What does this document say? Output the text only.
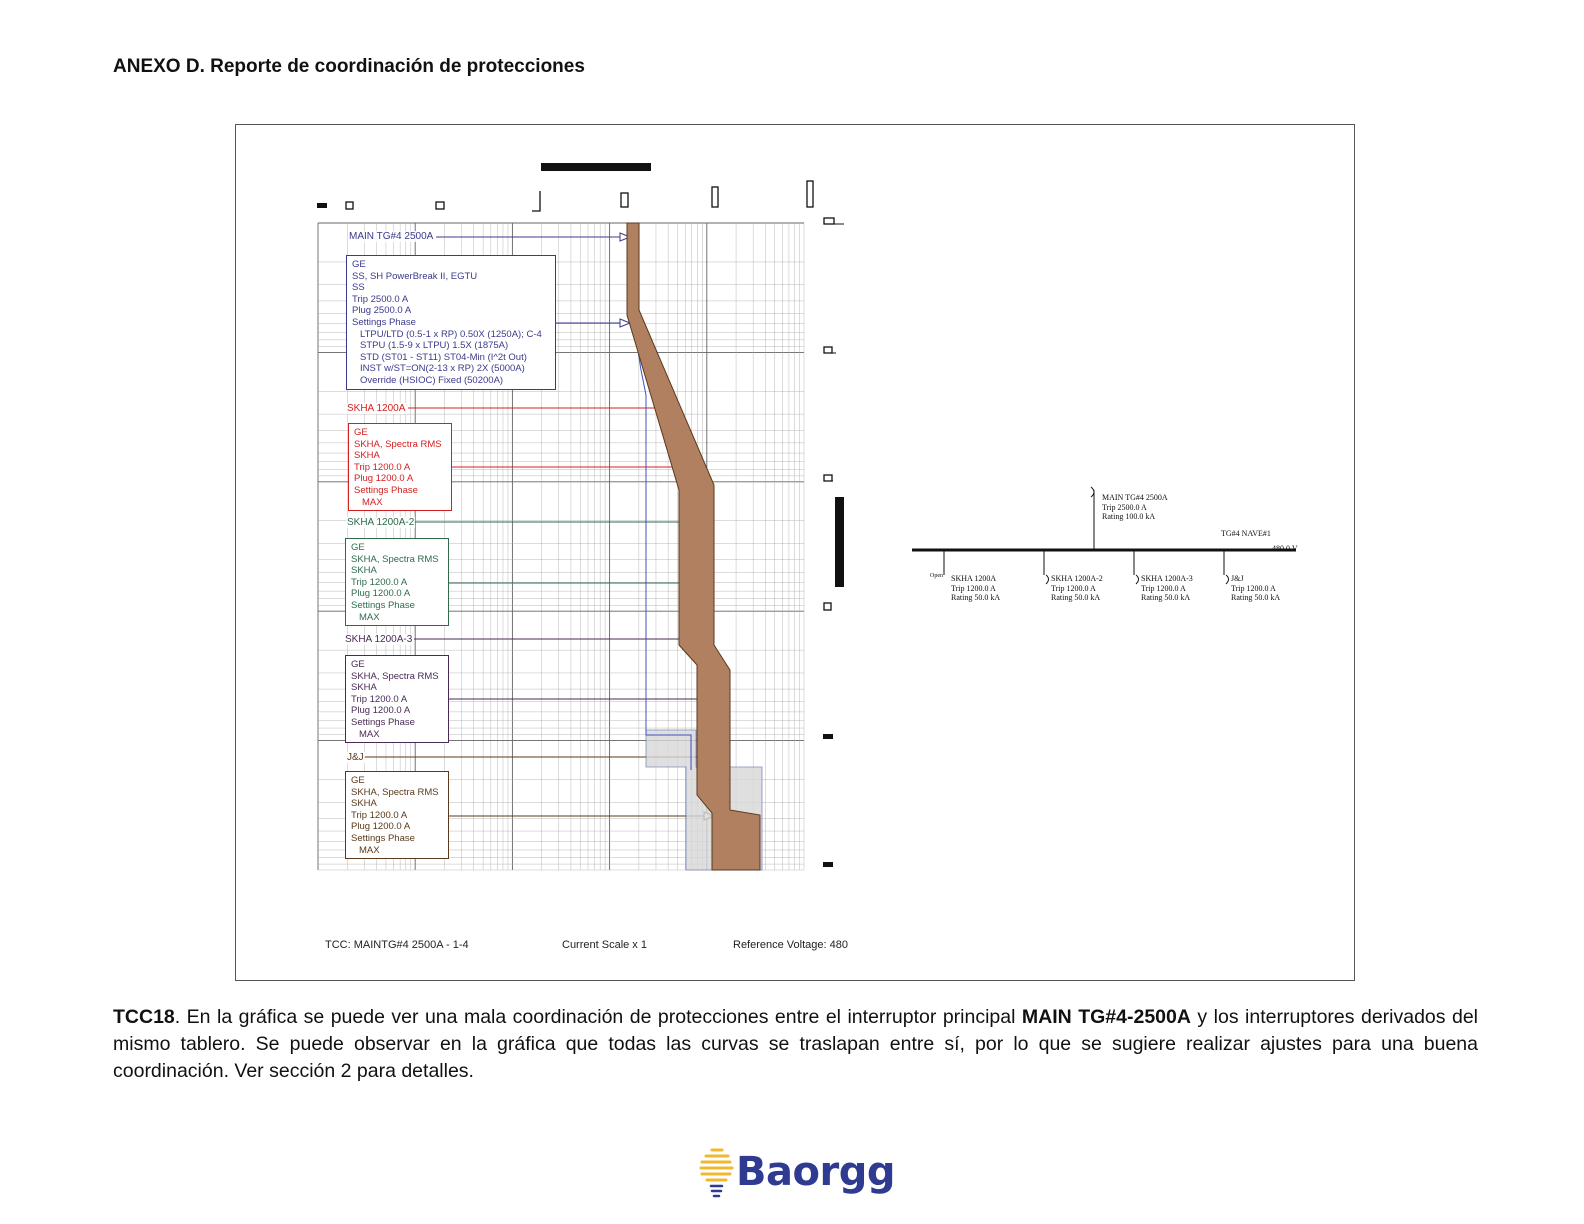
ANEXO D. Reporte de coordinación de protecciones
MAIN TG#4 2500A
SKHA 1200A
SKHA 1200A-2
SKHA 1200A-3
J&J
GE
SS, SH PowerBreak II, EGTU
SS
Trip 2500.0 A
Plug 2500.0 A
Settings Phase
LTPU/LTD (0.5-1 x RP) 0.50X (1250A); C-4
STPU (1.5-9 x LTPU) 1.5X (1875A)
STD (ST01 - ST11) ST04-Min (I^2t Out)
INST w/ST=ON(2-13 x RP) 2X (5000A)
Override (HSIOC) Fixed (50200A)
GE
SKHA, Spectra RMS
SKHA
Trip 1200.0 A
Plug 1200.0 A
Settings Phase
MAX
GE
SKHA, Spectra RMS
SKHA
Trip 1200.0 A
Plug 1200.0 A
Settings Phase
MAX
GE
SKHA, Spectra RMS
SKHA
Trip 1200.0 A
Plug 1200.0 A
Settings Phase
MAX
GE
SKHA, Spectra RMS
SKHA
Trip 1200.0 A
Plug 1200.0 A
Settings Phase
MAX
MAIN TG#4 2500A
Trip 2500.0 A
Rating 100.0 kA
TG#4 NAVE#1
480.0 V
Open SKHA 1200A
Trip 1200.0 A
Rating 50.0 kA
SKHA 1200A-2
Trip 1200.0 A
Rating 50.0 kA
SKHA 1200A-3
Trip 1200.0 A
Rating 50.0 kA
J&J
Trip 1200.0 A
Rating 50.0 kA
TCC: MAINTG#4 2500A - 1-4	Current Scale x 1	Reference Voltage: 480

TCC18. En la gráfica se puede ver una mala coordinación de protecciones entre el interruptor principal MAIN TG#4-2500A y los interruptores derivados del mismo tablero. Se puede observar en la gráfica que todas las curvas se traslapan entre sí, por lo que se sugiere realizar ajustes para una buena coordinación. Ver sección 2 para detalles.

Baorgg
